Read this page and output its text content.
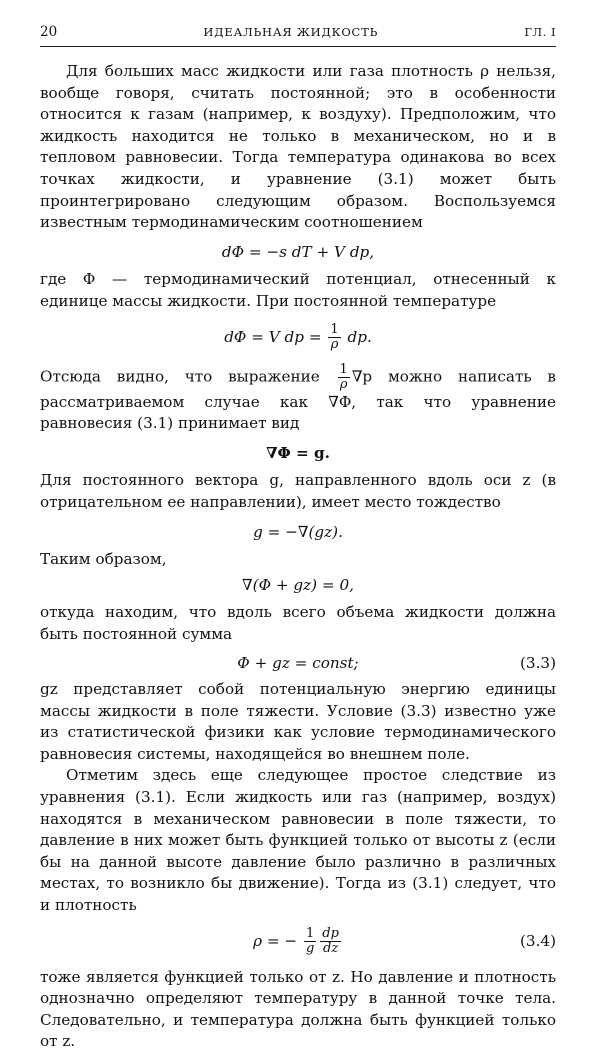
20	ИДЕАЛЬНАЯ ЖИДКОСТЬ	ГЛ. I

Для больших масс жидкости или газа плотность ρ нельзя, вообще говоря, считать постоянной; это в особенности относится к газам (например, к воздуху). Предположим, что жидкость находится не только в механическом, но и в тепловом равновесии. Тогда температура одинакова во всех точках жидкости, и уравнение (3.1) может быть проинтегрировано следующим образом. Воспользуемся известным термодинамическим соотношением

dΦ = −s dT + V dp,

где Φ — термодинамический потенциал, отнесенный к единице массы жидкости. При постоянной температуре

dΦ = V dp = $\frac{1}{\rho}$ dp.

Отсюда видно, что выражение $\frac{1}{\rho} \nabla p$ можно написать в рассматриваемом случае как ∇Φ, так что уравнение равновесия (3.1) принимает вид

∇Φ = g.

Для постоянного вектора g, направленного вдоль оси z (в отрицательном ее направлении), имеет место тождество

g = −∇(gz).

Таким образом,

∇(Φ + gz) = 0,

откуда находим, что вдоль всего объема жидкости должна быть постоянной сумма

Φ + gz = const;	(3.3)

gz представляет собой потенциальную энергию единицы массы жидкости в поле тяжести. Условие (3.3) известно уже из статистической физики как условие термодинамического равновесия системы, находящейся во внешнем поле.

Отметим здесь еще следующее простое следствие из уравнения (3.1). Если жидкость или газ (например, воздух) находятся в механическом равновесии в поле тяжести, то давление в них может быть функцией только от высоты z (если бы на данной высоте давление было различно в различных местах, то возникло бы движение). Тогда из (3.1) следует, что и плотность

ρ = − $\frac{1}{g} \frac{dp}{dz}$	(3.4)

тоже является функцией только от z. Но давление и плотность однозначно определяют температуру в данной точке тела. Следовательно, и температура должна быть функцией только от z.
